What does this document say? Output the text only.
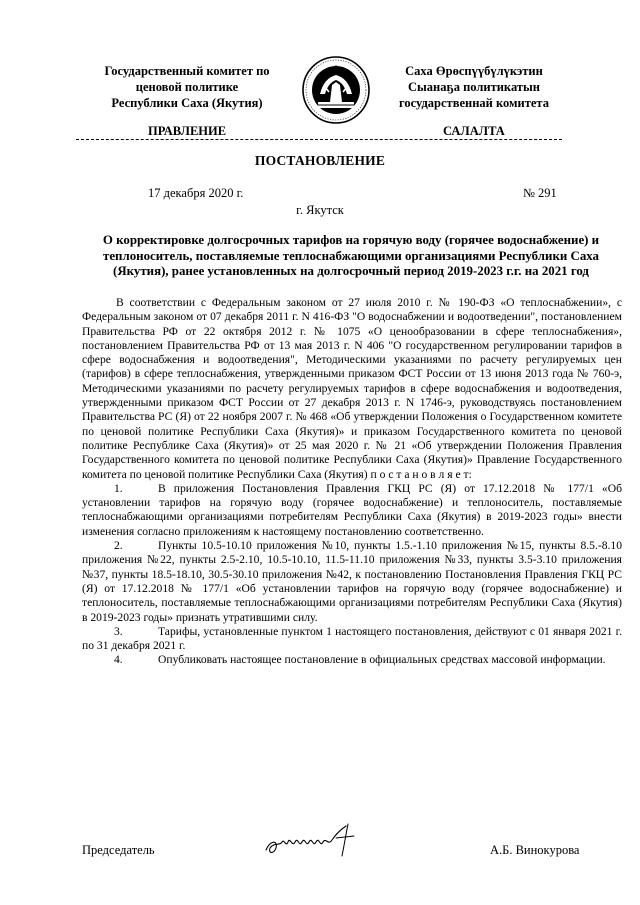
Государственный комитет по
ценовой политике
Республики Саха (Якутия)
Саха Өрөспүүбүлүкэтин
Сыанаҕа политикатын
государственнай комитета
ПРАВЛЕНИЕ	САЛАЛТА
ПОСТАНОВЛЕНИЕ
17 декабря 2020 г.	№ 291
г. Якутск
О корректировке долгосрочных тарифов на горячую воду (горячее водоснабжение) и теплоноситель, поставляемые теплоснабжающими организациями Республики Саха (Якутия), ранее установленных на долгосрочный период 2019-2023 г.г. на 2021 год

В соответствии с Федеральным законом от 27 июля 2010 г. № 190-ФЗ «О теплоснабжении», с Федеральным законом от 07 декабря 2011 г. N 416-ФЗ "О водоснабжении и водоотведении", постановлением Правительства РФ от 22 октября 2012 г. № 1075 «О ценообразовании в сфере теплоснабжения», постановлением Правительства РФ от 13 мая 2013 г. N 406 "О государственном регулировании тарифов в сфере водоснабжения и водоотведения", Методическими указаниями по расчету регулируемых цен (тарифов) в сфере теплоснабжения, утвержденными приказом ФСТ России от 13 июня 2013 года № 760-э, Методическими указаниями по расчету регулируемых тарифов в сфере водоснабжения и водоотведения, утвержденными приказом ФСТ России от 27 декабря 2013 г. N 1746-э, руководствуясь постановлением Правительства РС (Я) от 22 ноября 2007 г. № 468 «Об утверждении Положения о Государственном комитете по ценовой политике Республики Саха (Якутия)» и приказом Государственного комитета по ценовой политике Республике Саха (Якутия)» от 25 мая 2020 г. № 21 «Об утверждении Положения Правления Государственного комитета по ценовой политике Республики Саха (Якутия)» Правление Государственного комитета по ценовой политике Республики Саха (Якутия) п о с т а н о в л я е т:

1.	В приложения Постановления Правления ГКЦ РС (Я) от 17.12.2018 № 177/1 «Об установлении тарифов на горячую воду (горячее водоснабжение) и теплоноситель, поставляемые теплоснабжающими организациями потребителям Республики Саха (Якутия) в 2019-2023 годы» внести изменения согласно приложениям к настоящему постановлению соответственно.

2.	Пункты 10.5-10.10 приложения №10, пункты 1.5.-1.10 приложения №15, пункты 8.5.-8.10 приложения №22, пункты 2.5-2.10, 10.5-10.10, 11.5-11.10 приложения №33, пункты 3.5-3.10 приложения №37, пункты 18.5-18.10, 30.5-30.10 приложения №42, к постановлению Постановления Правления ГКЦ РС (Я) от 17.12.2018 № 177/1 «Об установлении тарифов на горячую воду (горячее водоснабжение) и теплоноситель, поставляемые теплоснабжающими организациями потребителям Республики Саха (Якутия) в 2019-2023 годы» признать утратившими силу.

3.	Тарифы, установленные пунктом 1 настоящего постановления, действуют с 01 января 2021 г. по 31 декабря 2021 г.

4.	Опубликовать настоящее постановление в официальных средствах массовой информации.

Председатель	А.Б. Винокурова
